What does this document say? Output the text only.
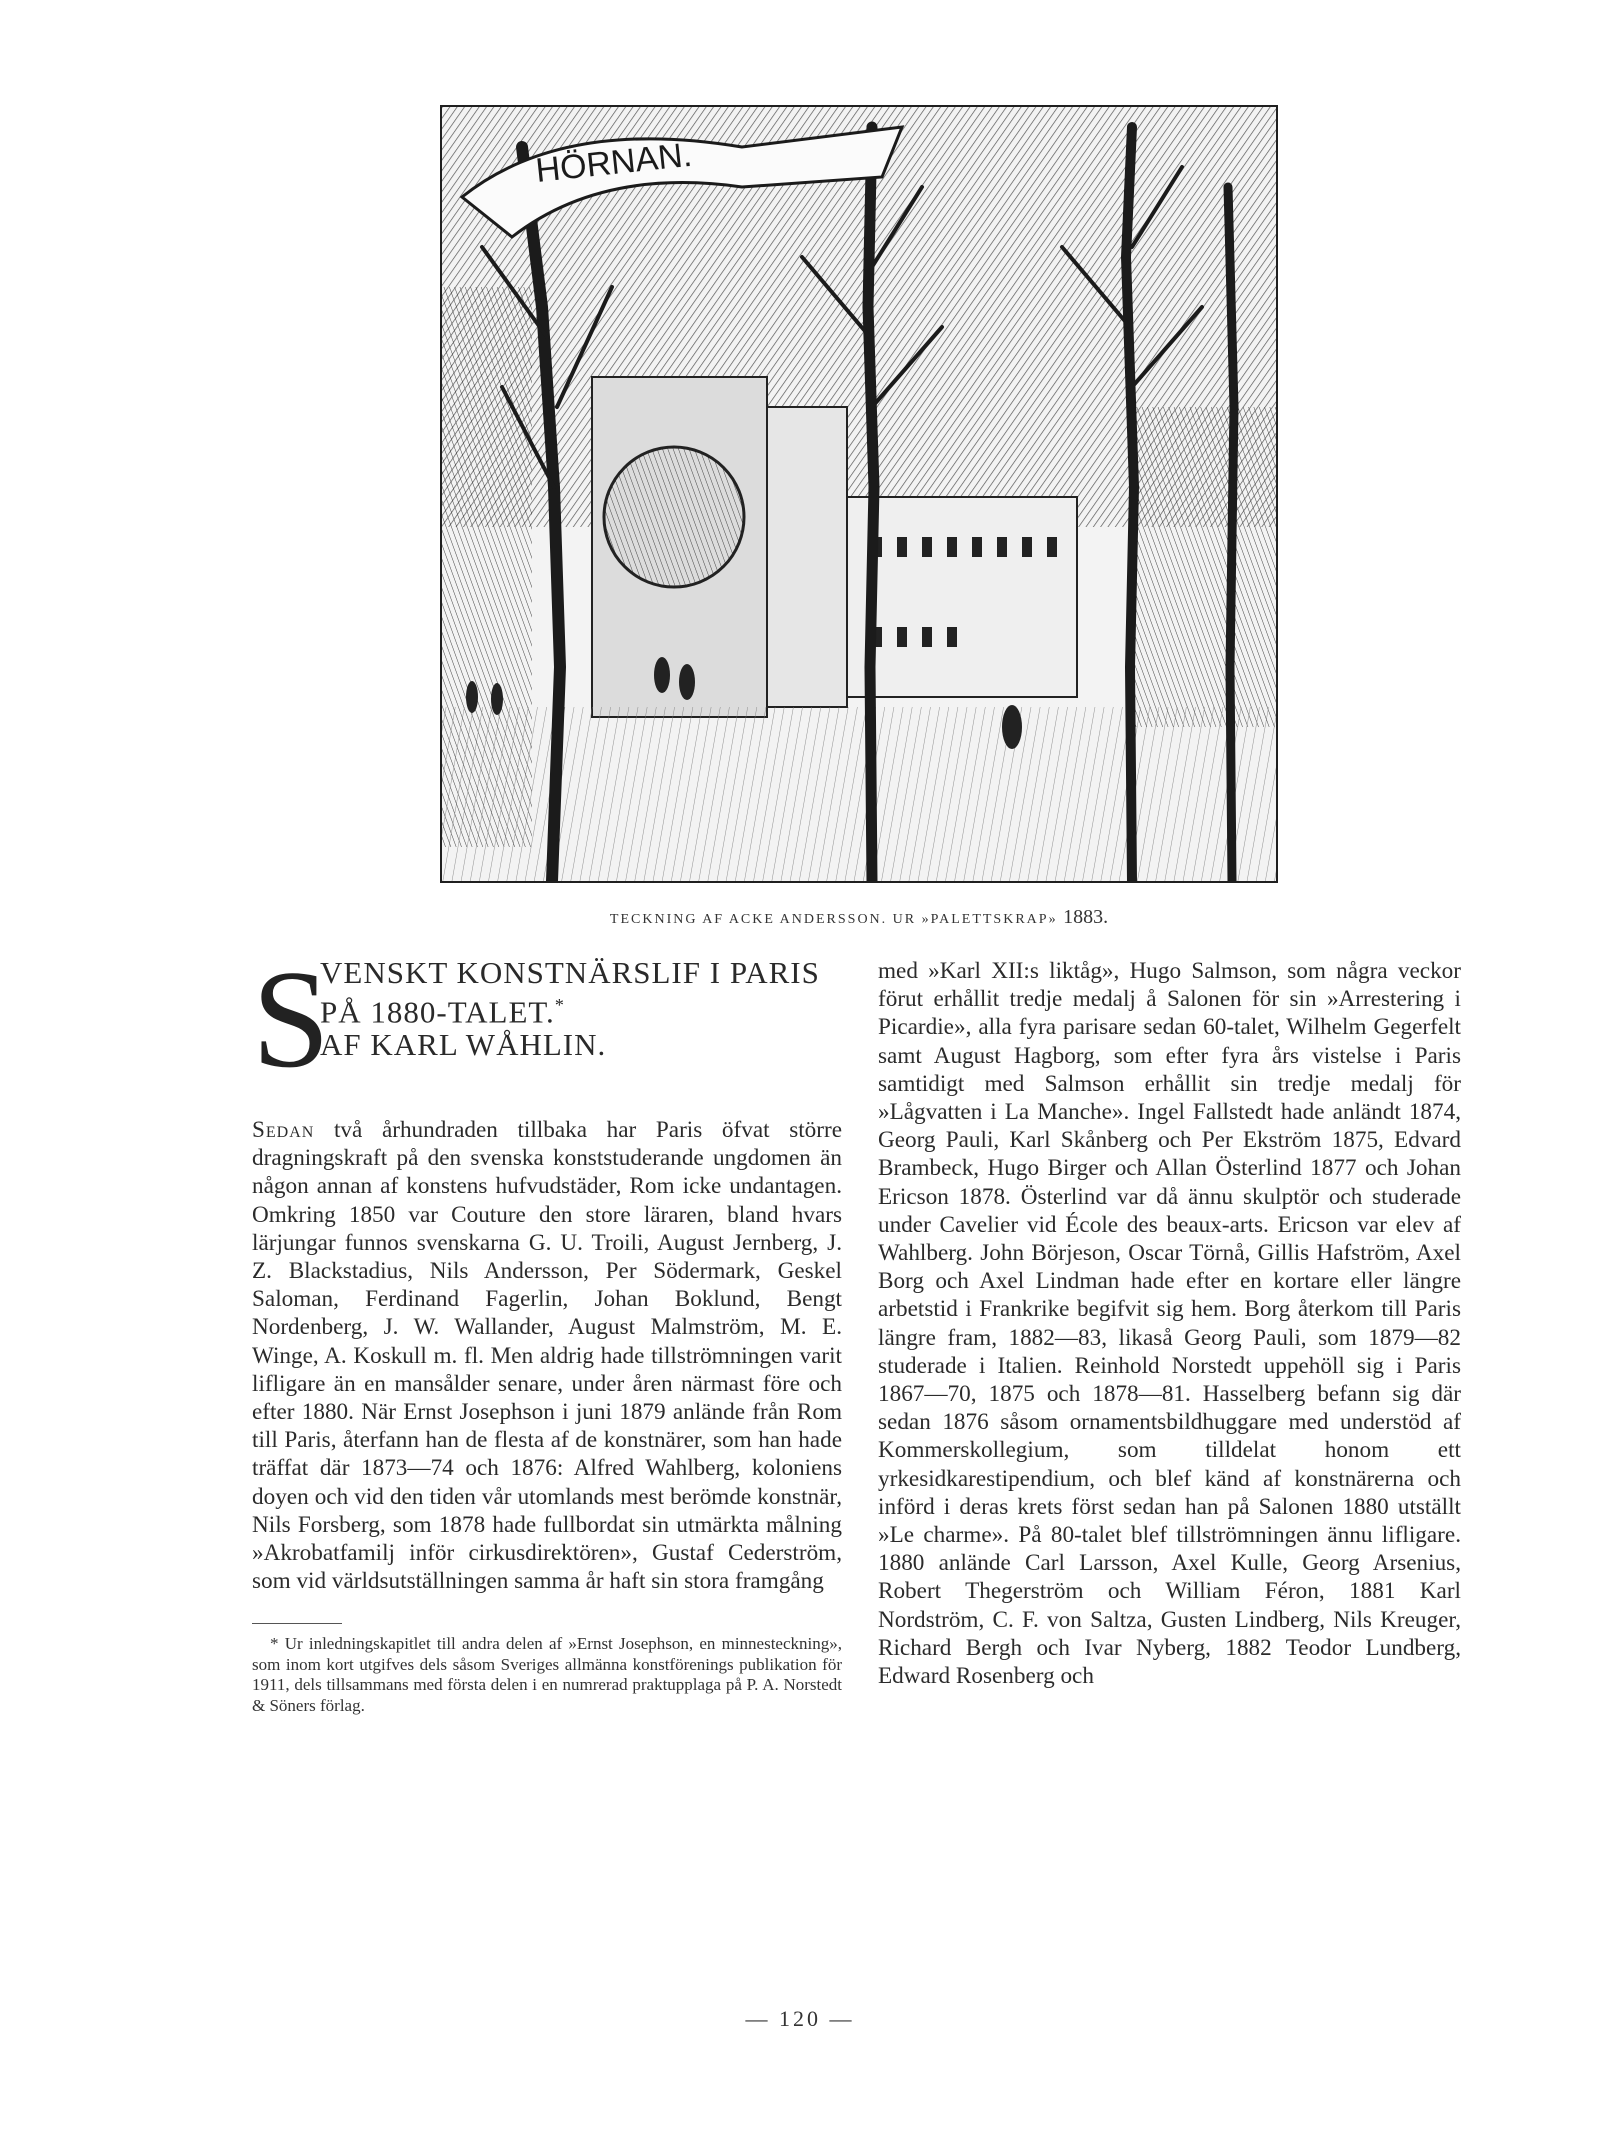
HÖRNAN.
TECKNING AF ACKE ANDERSSON. UR »PALETTSKRAP» 1883.
S
VENSKT KONSTNÄRSLIF I PARIS
PÅ 1880-TALET.*
AF KARL WÅHLIN.

Sedan två århundraden tillbaka har Paris öfvat större dragningskraft på den svenska konststuderande ungdomen än någon annan af konstens hufvudstäder, Rom icke undantagen. Omkring 1850 var Couture den store läraren, bland hvars lärjungar funnos svenskarna G. U. Troili, August Jernberg, J. Z. Blackstadius, Nils Andersson, Per Södermark, Geskel Saloman, Ferdinand Fagerlin, Johan Boklund, Bengt Nordenberg, J. W. Wallander, August Malmström, M. E. Winge, A. Koskull m. fl. Men aldrig hade tillströmningen varit lifligare än en mansålder senare, under åren närmast före och efter 1880. När Ernst Josephson i juni 1879 anlände från Rom till Paris, återfann han de flesta af de konstnärer, som han hade träffat där 1873—74 och 1876: Alfred Wahlberg, koloniens doyen och vid den tiden vår utomlands mest berömde konstnär, Nils Forsberg, som 1878 hade fullbordat sin utmärkta målning »Akrobatfamilj inför cirkusdirektören», Gustaf Cederström, som vid världsutställningen samma år haft sin stora framgång

* Ur inledningskapitlet till andra delen af »Ernst Josephson, en minnesteckning», som inom kort utgifves dels såsom Sveriges allmänna konstförenings publikation för 1911, dels tillsammans med första delen i en numrerad praktupplaga på P. A. Norstedt & Söners förlag.

med »Karl XII:s liktåg», Hugo Salmson, som några veckor förut erhållit tredje medalj å Salonen för sin »Arrestering i Picardie», alla fyra parisare sedan 60-talet, Wilhelm Gegerfelt samt August Hagborg, som efter fyra års vistelse i Paris samtidigt med Salmson erhållit sin tredje medalj för »Lågvatten i La Manche». Ingel Fallstedt hade anländt 1874, Georg Pauli, Karl Skånberg och Per Ekström 1875, Edvard Brambeck, Hugo Birger och Allan Österlind 1877 och Johan Ericson 1878. Österlind var då ännu skulptör och studerade under Cavelier vid École des beaux-arts. Ericson var elev af Wahlberg. John Börjeson, Oscar Törnå, Gillis Hafström, Axel Borg och Axel Lindman hade efter en kortare eller längre arbetstid i Frankrike begifvit sig hem. Borg återkom till Paris längre fram, 1882—83, likaså Georg Pauli, som 1879—82 studerade i Italien. Reinhold Norstedt uppehöll sig i Paris 1867—70, 1875 och 1878—81. Hasselberg befann sig där sedan 1876 såsom ornamentsbildhuggare med understöd af Kommerskollegium, som tilldelat honom ett yrkesidkarestipendium, och blef känd af konstnärerna och införd i deras krets först sedan han på Salonen 1880 utställt »Le charme». På 80-talet blef tillströmningen ännu lifligare. 1880 anlände Carl Larsson, Axel Kulle, Georg Arsenius, Robert Thegerström och William Féron, 1881 Karl Nordström, C. F. von Saltza, Gusten Lindberg, Nils Kreuger, Richard Bergh och Ivar Nyberg, 1882 Teodor Lundberg, Edward Rosenberg och

— 120 —
